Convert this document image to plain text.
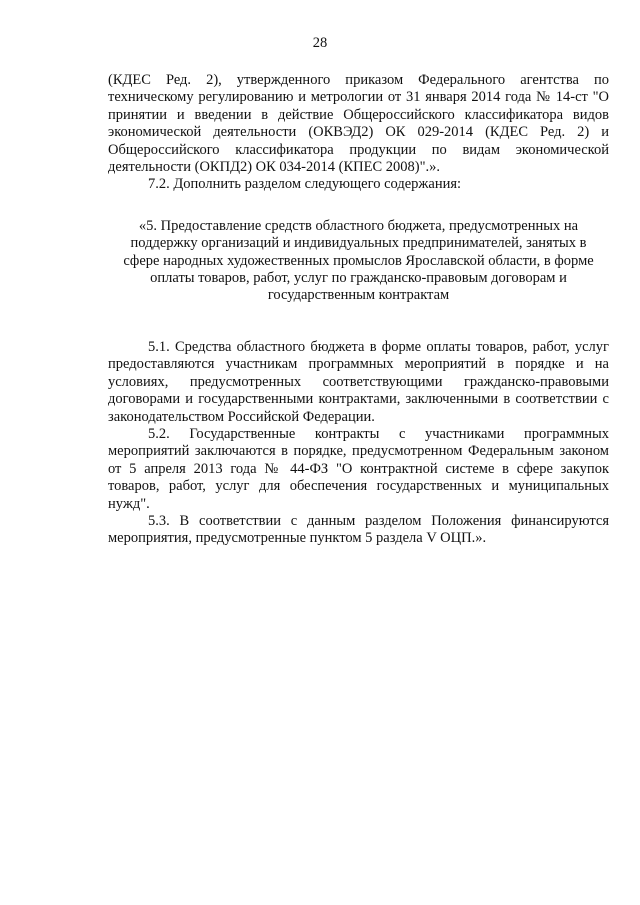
28

(КДЕС Ред. 2), утвержденного приказом Федерального агентства по техническому регулированию и метрологии от 31 января 2014 года № 14-ст "О принятии и введении в действие Общероссийского классификатора видов экономической деятельности (ОКВЭД2) ОК 029-2014 (КДЕС Ред. 2) и Общероссийского классификатора продукции по видам экономической деятельности (ОКПД2) ОК 034-2014 (КПЕС 2008)".».

7.2. Дополнить разделом следующего содержания:

«5. Предоставление средств областного бюджета, предусмотренных на поддержку организаций и индивидуальных предпринимателей, занятых в сфере народных художественных промыслов Ярославской области, в форме оплаты товаров, работ, услуг по гражданско-правовым договорам и государственным контрактам

5.1. Средства областного бюджета в форме оплаты товаров, работ, услуг предоставляются участникам программных мероприятий в порядке и на условиях, предусмотренных соответствующими гражданско-правовыми договорами и государственными контрактами, заключенными в соответствии с законодательством Российской Федерации.

5.2. Государственные контракты с участниками программных мероприятий заключаются в порядке, предусмотренном Федеральным законом от 5 апреля 2013 года № 44-ФЗ "О контрактной системе в сфере закупок товаров, работ, услуг для обеспечения государственных и муниципальных нужд".

5.3. В соответствии с данным разделом Положения финансируются мероприятия, предусмотренные пунктом 5 раздела V ОЦП.».
